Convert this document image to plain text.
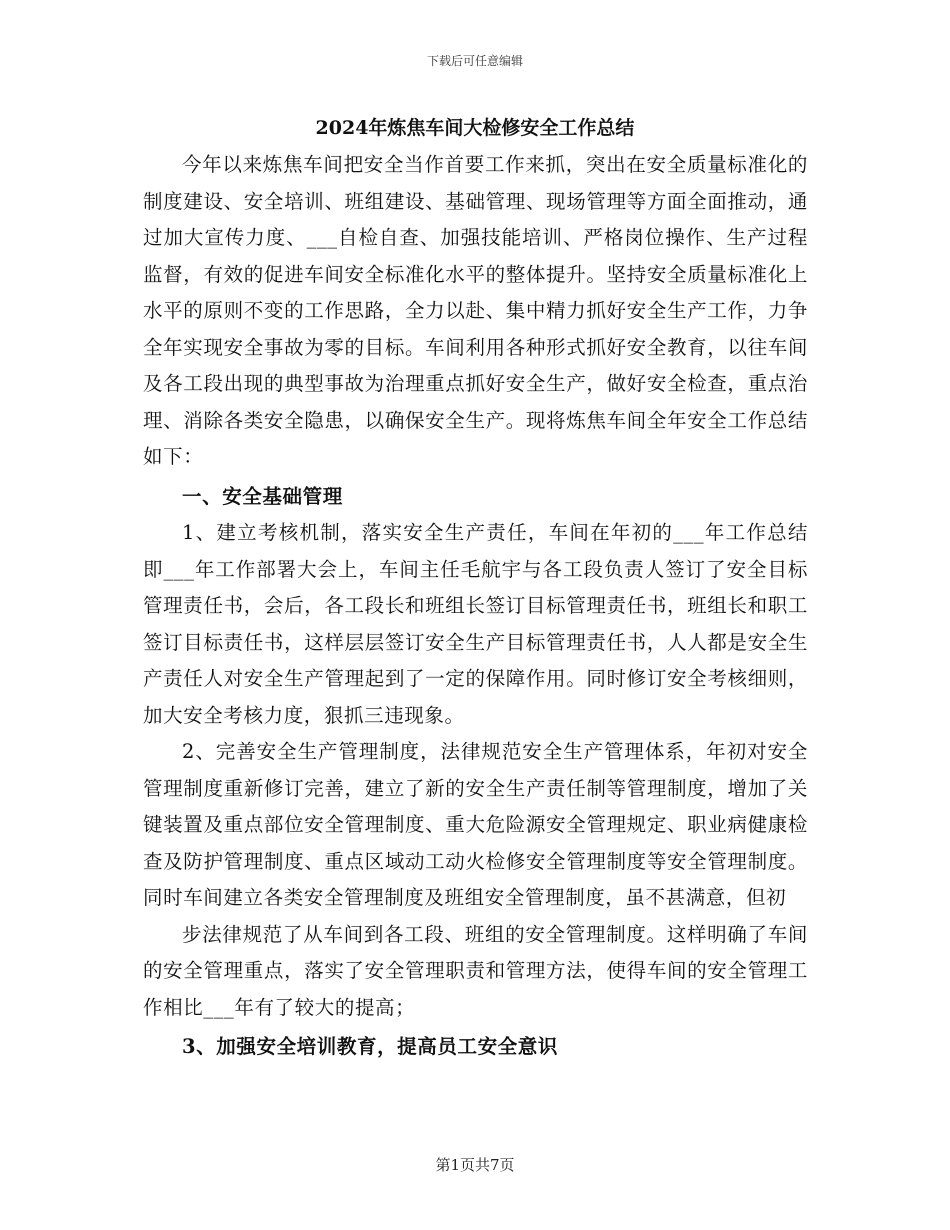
下载后可任意编辑
2024年炼焦车间大检修安全工作总结

今年以来炼焦车间把安全当作首要工作来抓，突出在安全质量标准化的制度建设、安全培训、班组建设、基础管理、现场管理等方面全面推动，通过加大宣传力度、___自检自查、加强技能培训、严格岗位操作、生产过程监督，有效的促进车间安全标准化水平的整体提升。坚持安全质量标准化上水平的原则不变的工作思路，全力以赴、集中精力抓好安全生产工作，力争全年实现安全事故为零的目标。车间利用各种形式抓好安全教育，以往车间及各工段出现的典型事故为治理重点抓好安全生产，做好安全检查，重点治理、消除各类安全隐患，以确保安全生产。现将炼焦车间全年安全工作总结如下：

一、安全基础管理

1、建立考核机制，落实安全生产责任，车间在年初的___年工作总结即___年工作部署大会上，车间主任毛航宇与各工段负责人签订了安全目标管理责任书，会后，各工段长和班组长签订目标管理责任书，班组长和职工签订目标责任书，这样层层签订安全生产目标管理责任书，人人都是安全生产责任人对安全生产管理起到了一定的保障作用。同时修订安全考核细则，加大安全考核力度，狠抓三违现象。

2、完善安全生产管理制度，法律规范安全生产管理体系，年初对安全管理制度重新修订完善，建立了新的安全生产责任制等管理制度，增加了关键装置及重点部位安全管理制度、重大危险源安全管理规定、职业病健康检查及防护管理制度、重点区域动工动火检修安全管理制度等安全管理制度。同时车间建立各类安全管理制度及班组安全管理制度，虽不甚满意，但初

步法律规范了从车间到各工段、班组的安全管理制度。这样明确了车间的安全管理重点，落实了安全管理职责和管理方法，使得车间的安全管理工作相比___年有了较大的提高；

3、加强安全培训教育，提高员工安全意识

第1页共7页
